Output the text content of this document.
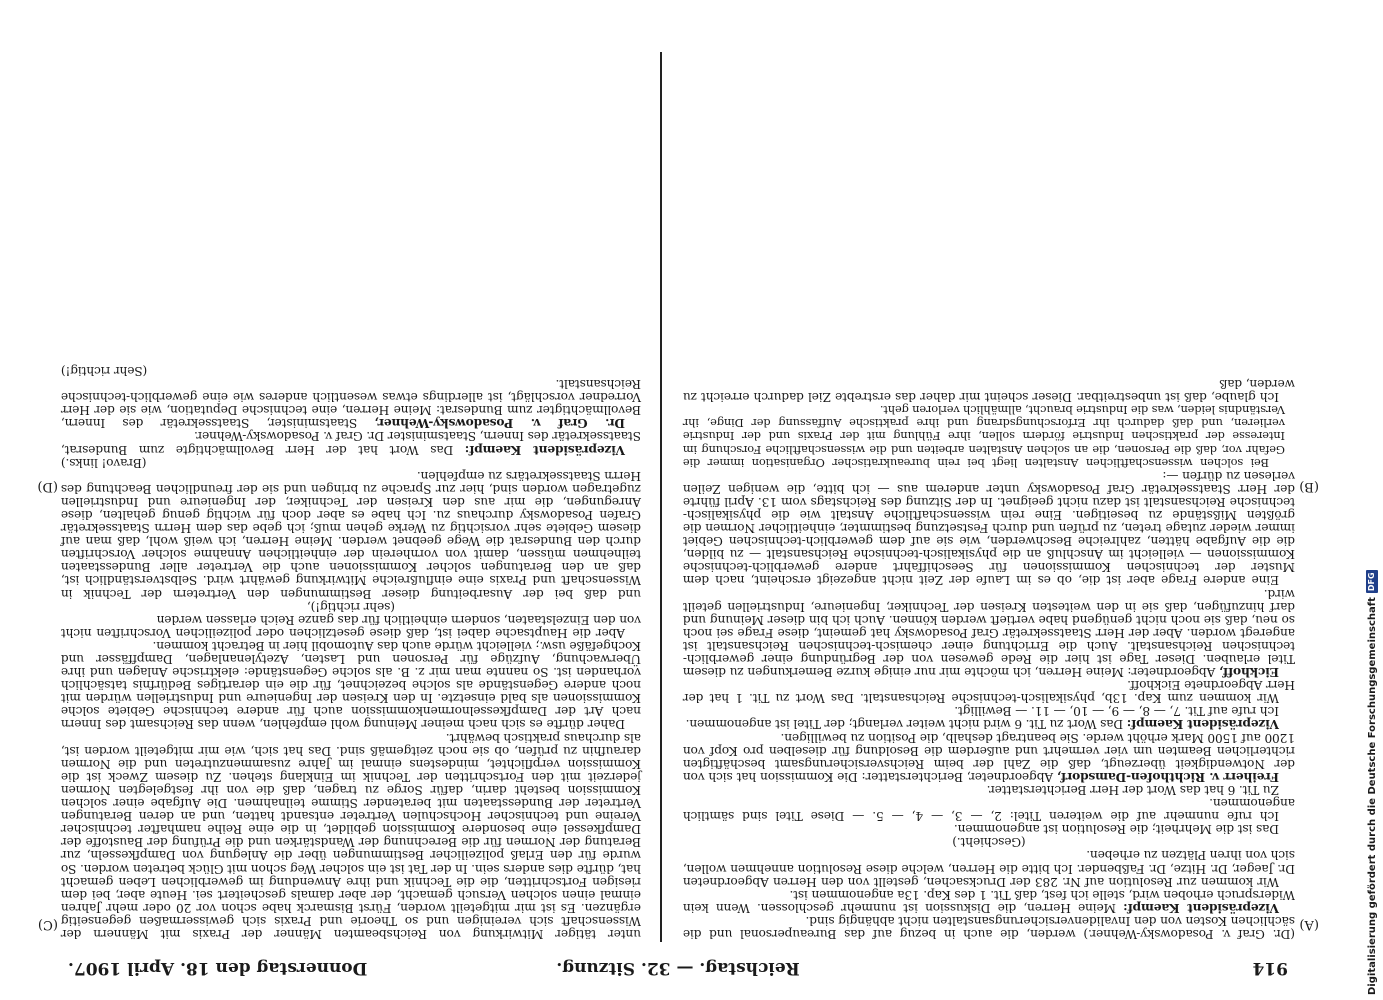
914
Reichstag. — 32. Sitzung.
Donnerstag den 18. April 1907.
(A)
(B)
(C)
(D)

(Dr. Graf v. Posadowsky-Wehner.) werden, die auch in bezug auf das Bureaupersonal und die sächlichen Kosten von den Invalidenversicherungsanstalten nicht abhängig sind.

Vizepräsident Kaempf: Meine Herren, die Diskussion ist nunmehr geschlossen. Wenn kein Widerspruch erhoben wird, stelle ich fest, daß Tit. 1 des Kap. 13a angenommen ist.

Wir kommen zur Resolution auf Nr. 283 der Drucksachen, gestellt von den Herren Abgeordneten Dr. Jaeger, Dr. Hitze, Dr. Faßbender. Ich bitte die Herren, welche diese Resolution annehmen wollen, sich von ihren Plätzen zu erheben.

(Geschieht.)

Das ist die Mehrheit; die Resolution ist angenommen.

Ich rufe nunmehr auf die weiteren Titel: 2, — 3, — 4, — 5. — Diese Titel sind sämtlich angenommen.

Zu Tit. 6 hat das Wort der Herr Berichterstatter.

Freiherr v. Richthofen-Damsdorf, Abgeordneter, Berichterstatter: Die Kommission hat sich von der Notwendigkeit überzeugt, daß die Zahl der beim Reichsversicherungsamt beschäftigten richterlichen Beamten um vier vermehrt und außerdem die Besoldung für dieselben pro Kopf von 1200 auf 1500 Mark erhöht werde. Sie beantragt deshalb, die Position zu bewilligen.

Vizepräsident Kaempf: Das Wort zu Tit. 6 wird nicht weiter verlangt; der Titel ist angenommen.

Ich rufe auf Tit. 7, — 8, — 9, — 10, — 11. — Bewilligt.

Wir kommen zum Kap. 13b, physikalisch-technische Reichsanstalt. Das Wort zu Tit. 1 hat der Herr Abgeordnete Eickhoff.

Eickhoff, Abgeordneter: Meine Herren, ich möchte mir nur einige kurze Bemerkungen zu diesem Titel erlauben. Dieser Tage ist hier die Rede gewesen von der Begründung einer gewerblich-technischen Reichsanstalt. Auch die Errichtung einer chemisch-technischen Reichsanstalt ist angeregt worden. Aber der Herr Staatssekretär Graf Posadowsky hat gemeint, diese Frage sei noch so neu, daß sie noch nicht genügend habe vertieft werden können. Auch ich bin dieser Meinung und darf hinzufügen, daß sie in den weitesten Kreisen der Techniker, Ingenieure, Industriellen geteilt wird.

Eine andere Frage aber ist die, ob es im Laufe der Zeit nicht angezeigt erscheint, nach dem Muster der technischen Kommissionen für Seeschiffahrt andere gewerblich-technische Kommissionen — vielleicht im Anschluß an die physikalisch-technische Reichsanstalt — zu bilden, die die Aufgabe hätten, zahlreiche Beschwerden, wie sie auf dem gewerblich-technischen Gebiet immer wieder zutage treten, zu prüfen und durch Festsetzung bestimmter, einheitlicher Normen die größten Mißstände zu beseitigen. Eine rein wissenschaftliche Anstalt wie die physikalisch-technische Reichsanstalt ist dazu nicht geeignet. In der Sitzung des Reichstags vom 13. April führte der Herr Staatssekretär Graf Posadowsky unter anderem aus — ich bitte, die wenigen Zeilen verlesen zu dürfen —:

Bei solchen wissenschaftlichen Anstalten liegt bei rein bureaukratischer Organisation immer die Gefahr vor, daß die Personen, die an solchen Anstalten arbeiten und die wissenschaftliche Forschung im Interesse der praktischen Industrie fördern sollen, ihre Fühlung mit der Praxis und der Industrie verlieren, und daß dadurch ihr Erforschungsdrang und ihre praktische Auffassung der Dinge, ihr Verständnis leiden, was die Industrie braucht, allmählich verloren geht.

Ich glaube, daß ist unbestreitbar. Dieser scheint mir daher das erstrebte Ziel dadurch erreicht zu werden, daß

unter tätiger Mitwirkung von Reichsbeamten Männer der Praxis mit Männern der Wissenschaft sich vereinigen und so Theorie und Praxis sich gewissermaßen gegenseitig ergänzen. Es ist mir mitgeteilt worden, Fürst Bismarck habe schon vor 20 oder mehr Jahren einmal einen solchen Versuch gemacht, der aber damals gescheitert sei. Heute aber, bei dem riesigen Fortschritten, die die Technik und ihre Anwendung im gewerblichen Leben gemacht hat, dürfte dies anders sein. In der Tat ist ein solcher Weg schon mit Glück betreten worden. So wurde für den Erlaß polizeilicher Bestimmungen über die Anlegung von Dampfkesseln, zur Beratung der Normen für die Berechnung der Wandstärken und die Prüfung der Baustoffe der Dampfkessel eine besondere Kommission gebildet, in die eine Reihe namhafter technischer Vereine und technischer Hochschulen Vertreter entsandt hatten, und an deren Beratungen Vertreter der Bundesstaaten mit beratender Stimme teilnahmen. Die Aufgabe einer solchen Kommission besteht darin, dafür Sorge zu tragen, daß die von ihr festgelegten Normen jederzeit mit den Fortschritten der Technik im Einklang stehen. Zu diesem Zweck ist die Kommission verpflichtet, mindestens einmal im Jahre zusammenzutreten und die Normen daraufhin zu prüfen, ob sie noch zeitgemäß sind. Das hat sich, wie mir mitgeteilt worden ist, als durchaus praktisch bewährt.

Daher dürfte es sich nach meiner Meinung wohl empfehlen, wenn das Reichsamt des Innern nach Art der Dampfkesselnormenkommission auch für andere technische Gebiete solche Kommissionen als bald einsetzte. In den Kreisen der Ingenieure und Industriellen würden mit noch andere Gegenstände als solche bezeichnet, für die ein derartiges Bedürfnis tatsächlich vorhanden ist. So nannte man mir z. B. als solche Gegenstände: elektrische Anlagen und ihre Überwachung, Aufzüge für Personen und Lasten, Azetylenanlagen, Dampffässer und Kochgefäße usw.; vielleicht würde auch das Automobil hier in Betracht kommen.

Aber die Hauptsache dabei ist, daß diese gesetzlichen oder polizeilichen Vorschriften nicht von den Einzelstaaten, sondern einheitlich für das ganze Reich erlassen werden

(sehr richtig!),

und daß bei der Ausarbeitung dieser Bestimmungen den Vertretern der Technik in Wissenschaft und Praxis eine einflußreiche Mitwirkung gewährt wird. Selbstverständlich ist, daß an den Beratungen solcher Kommissionen auch die Vertreter aller Bundesstaaten teilnehmen müssen, damit von vornherein der einheitlichen Annahme solcher Vorschriften durch den Bundesrat die Wege geebnet werden. Meine Herren, ich weiß wohl, daß man auf diesem Gebiete sehr vorsichtig zu Werke gehen muß; ich gebe das dem Herrn Staatssekretär Grafen Posadowsky durchaus zu. Ich habe es aber doch für wichtig genug gehalten, diese Anregungen, die mir aus den Kreisen der Techniker, der Ingenieure und Industriellen zugetragen worden sind, hier zur Sprache zu bringen und sie der freundlichen Beachtung des Herrn Staatssekretärs zu empfehlen.

(Bravo! links.)

Vizepräsident Kaempf: Das Wort hat der Herr Bevollmächtigte zum Bundesrat, Staatssekretär des Innern, Staatsminister Dr. Graf v. Posadowsky-Wehner.

Dr. Graf v. Posadowsky-Wehner, Staatsminister, Staatssekretär des Innern, Bevollmächtigter zum Bundesrat: Meine Herren, eine technische Deputation, wie sie der Herr Vorredner vorschlägt, ist allerdings etwas wesentlich anderes wie eine gewerblich-technische Reichsanstalt.

(Sehr richtig!)

Digitalisierung gefördert durch die Deutsche Forschungsgemeinschaft
DFG
